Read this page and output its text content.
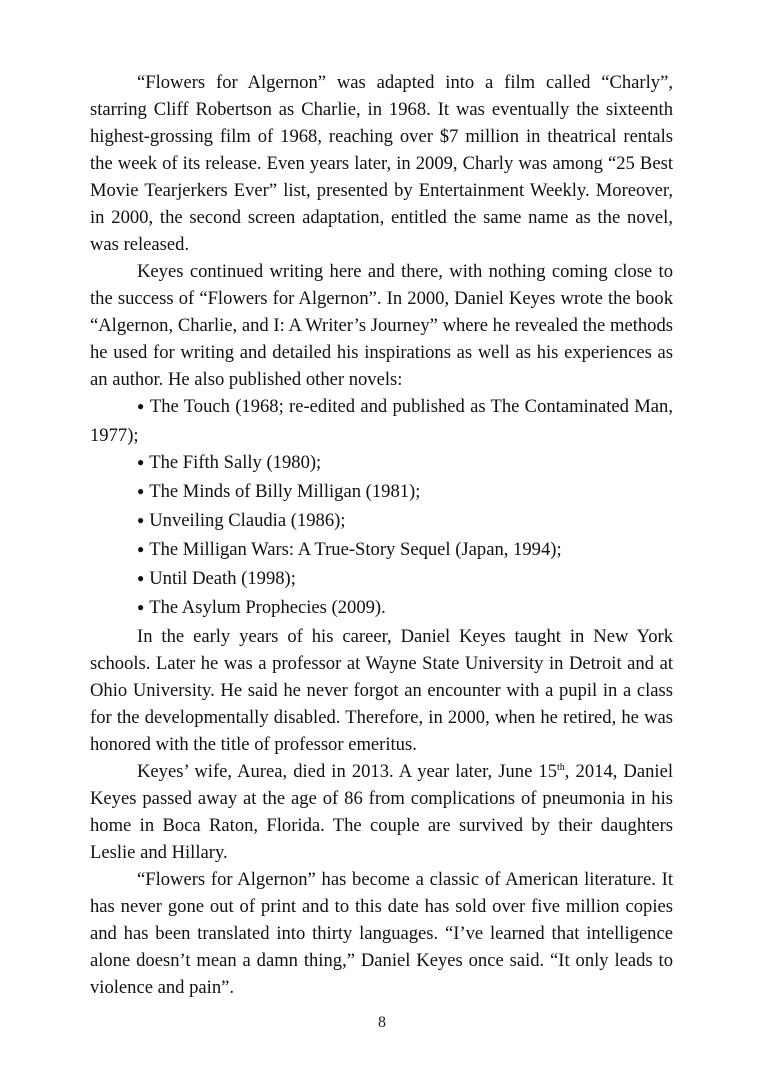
“Flowers for Algernon” was adapted into a film called “Charly”, starring Cliff Robertson as Charlie, in 1968. It was eventually the sixteenth highest-grossing film of 1968, reaching over $7 million in theatrical rentals the week of its release. Even years later, in 2009, Charly was among “25 Best Movie Tearjerkers Ever” list, presented by Entertainment Weekly. Moreover, in 2000, the second screen adaptation, entitled the same name as the novel, was released.

Keyes continued writing here and there, with nothing coming close to the success of “Flowers for Algernon”. In 2000, Daniel Keyes wrote the book “Algernon, Charlie, and I: A Writer’s Journey” where he revealed the methods he used for writing and detailed his inspirations as well as his experiences as an author. He also published other novels:

● The Touch (1968; re-edited and published as The Contaminated Man, 1977);

● The Fifth Sally (1980);

● The Minds of Billy Milligan (1981);

● Unveiling Claudia (1986);

● The Milligan Wars: A True-Story Sequel (Japan, 1994);

● Until Death (1998);

● The Asylum Prophecies (2009).

In the early years of his career, Daniel Keyes taught in New York schools. Later he was a professor at Wayne State University in Detroit and at Ohio University. He said he never forgot an encounter with a pupil in a class for the developmentally disabled. Therefore, in 2000, when he retired, he was honored with the title of professor emeritus.

Keyes’ wife, Aurea, died in 2013. A year later, June 15th, 2014, Daniel Keyes passed away at the age of 86 from complications of pneumonia in his home in Boca Raton, Florida. The couple are survived by their daughters Leslie and Hillary.

“Flowers for Algernon” has become a classic of American literature. It has never gone out of print and to this date has sold over five million copies and has been translated into thirty languages. “I’ve learned that intelligence alone doesn’t mean a damn thing,” Daniel Keyes once said. “It only leads to violence and pain”.

8
